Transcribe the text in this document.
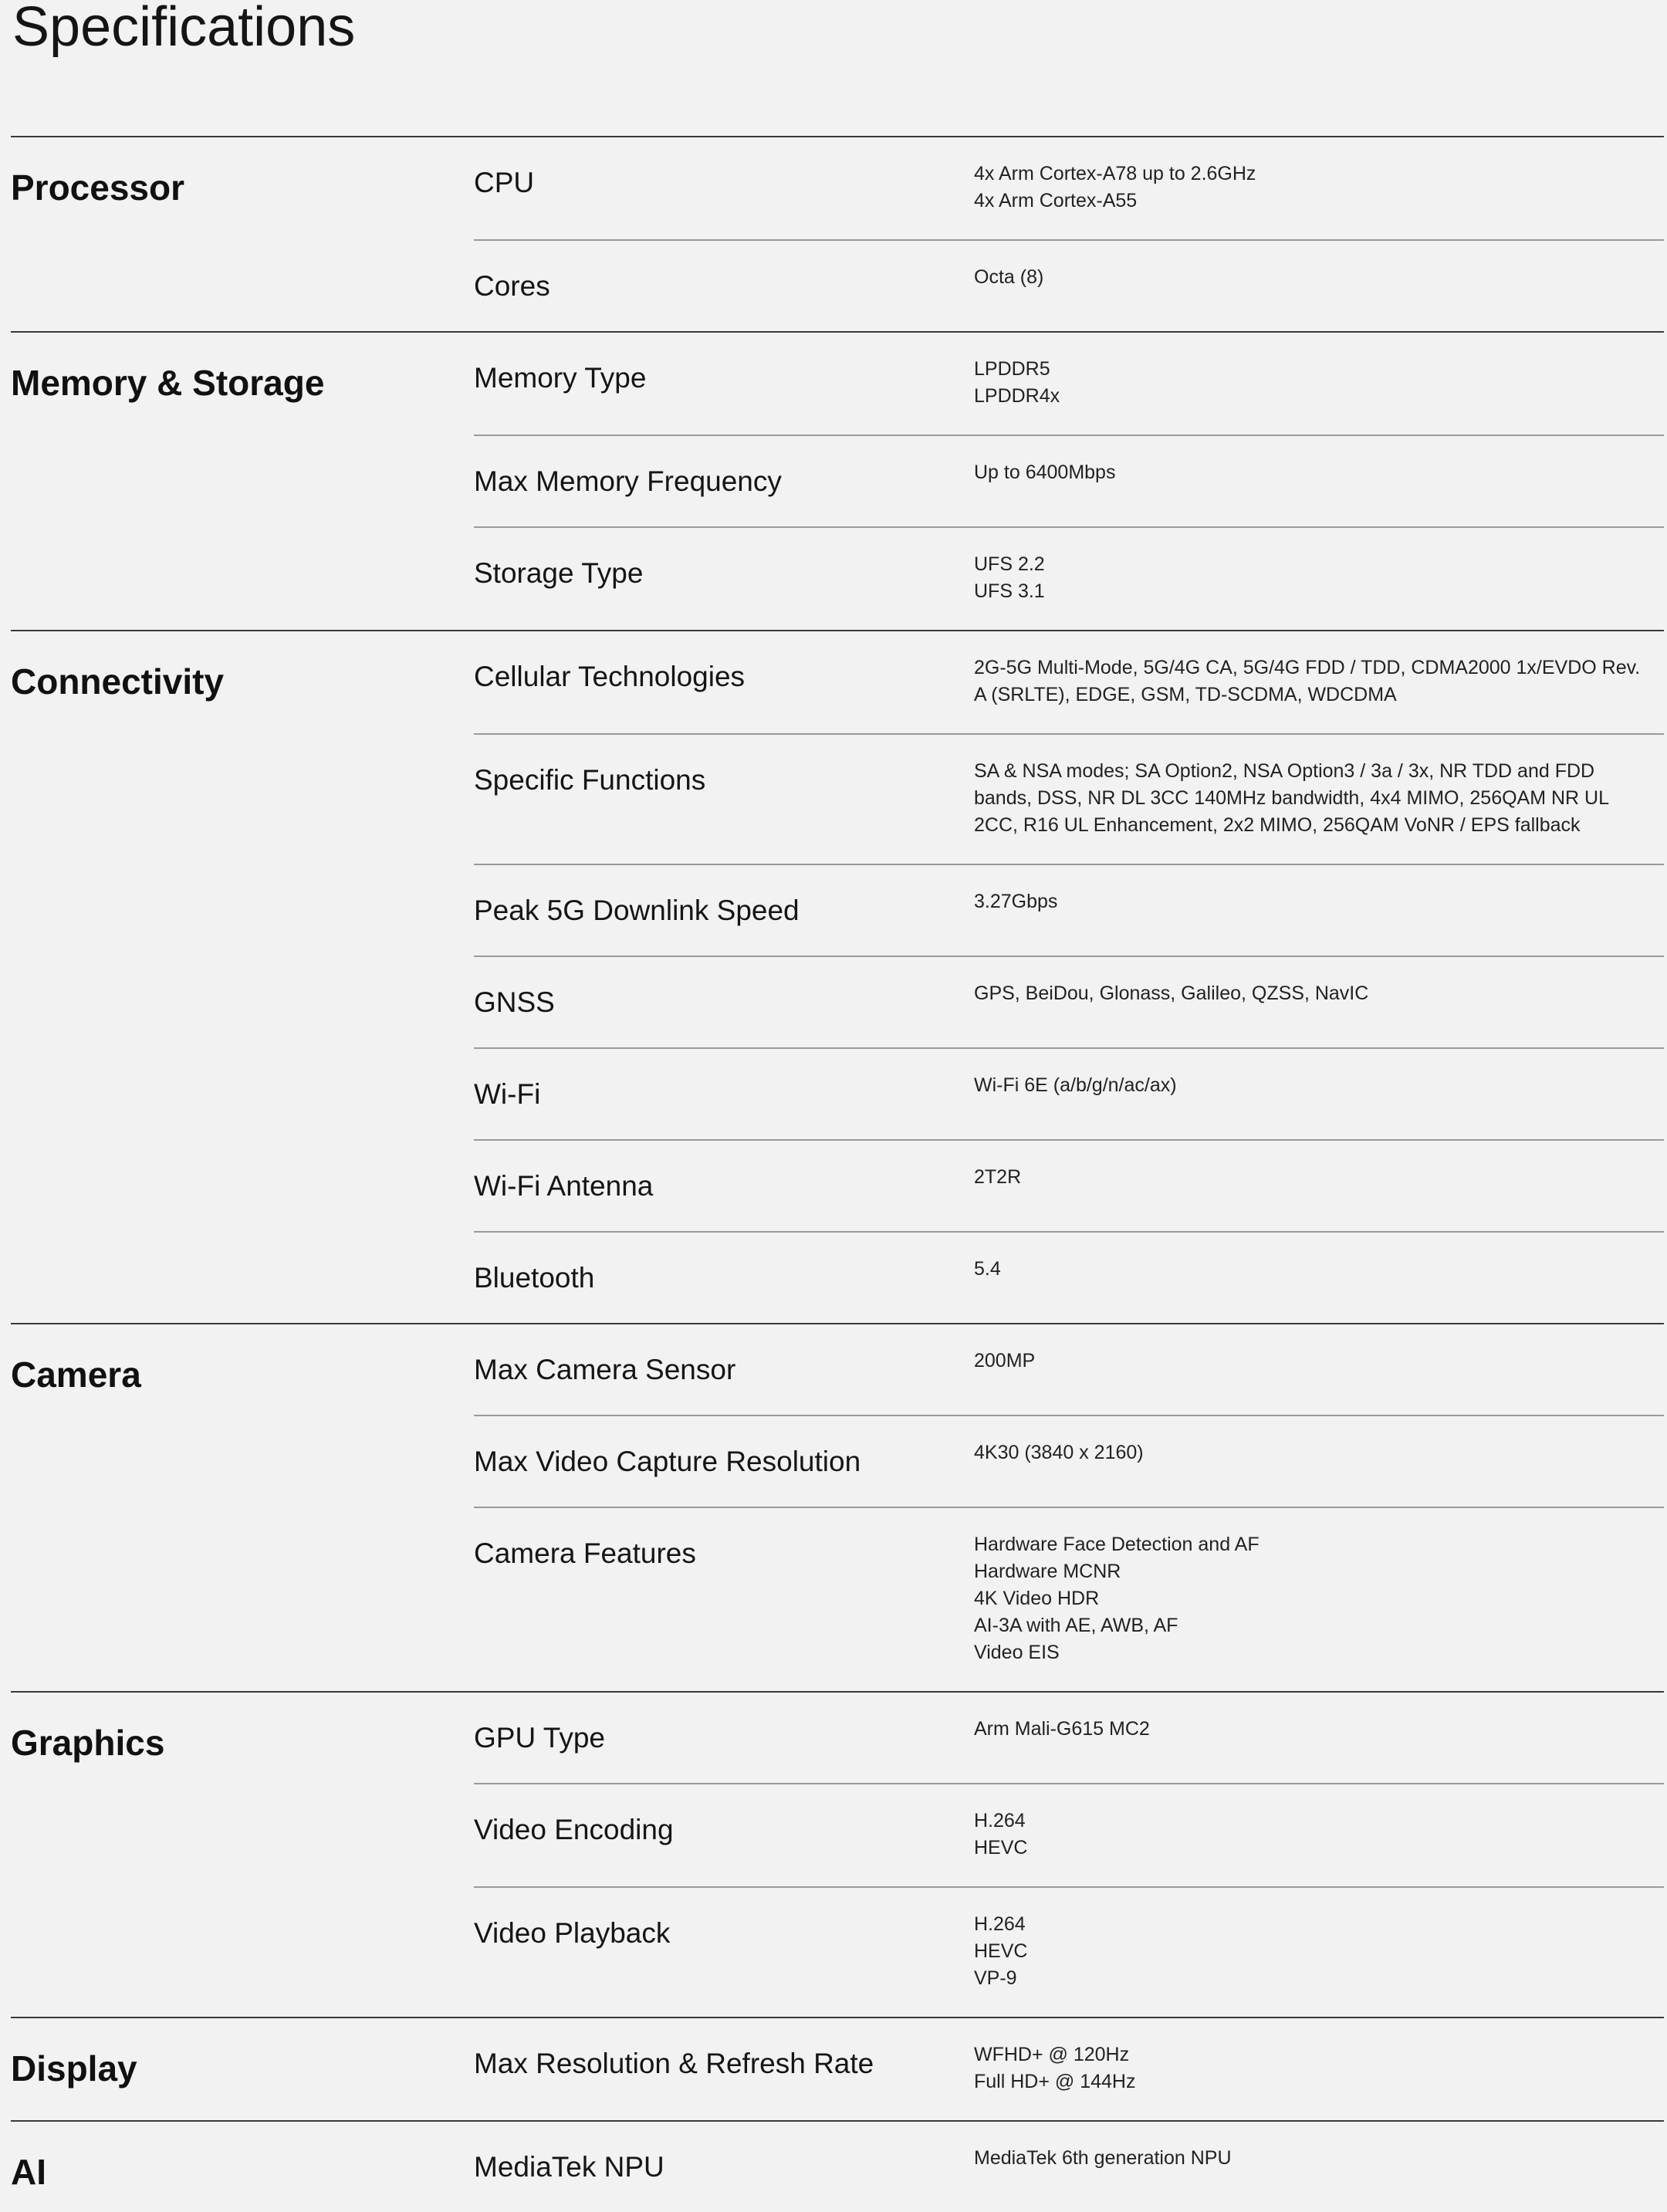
Specifications
Processor	CPU	4x Arm Cortex-A78 up to 2.6GHz
4x Arm Cortex-A55
Cores	Octa (8)
Memory & Storage	Memory Type	LPDDR5
LPDDR4x
Max Memory Frequency	Up to 6400Mbps
Storage Type	UFS 2.2
UFS 3.1
Connectivity	Cellular Technologies	2G-5G Multi-Mode, 5G/4G CA, 5G/4G FDD / TDD, CDMA2000 1x/EVDO Rev. A (SRLTE), EDGE, GSM, TD-SCDMA, WDCDMA
Specific Functions	SA & NSA modes; SA Option2, NSA Option3 / 3a / 3x, NR TDD and FDD bands, DSS, NR DL 3CC 140MHz bandwidth, 4x4 MIMO, 256QAM NR UL 2CC, R16 UL Enhancement, 2x2 MIMO, 256QAM VoNR / EPS fallback
Peak 5G Downlink Speed	3.27Gbps
GNSS	GPS, BeiDou, Glonass, Galileo, QZSS, NavIC
Wi-Fi	Wi-Fi 6E (a/b/g/n/ac/ax)
Wi-Fi Antenna	2T2R
Bluetooth	5.4
Camera	Max Camera Sensor	200MP
Max Video Capture Resolution	4K30 (3840 x 2160)
Camera Features	Hardware Face Detection and AF
Hardware MCNR
4K Video HDR
AI-3A with AE, AWB, AF
Video EIS
Graphics	GPU Type	Arm Mali-G615 MC2
Video Encoding	H.264
HEVC
Video Playback	H.264
HEVC
VP-9
Display	Max Resolution & Refresh Rate	WFHD+ @ 120Hz
Full HD+ @ 144Hz
AI	MediaTek NPU	MediaTek 6th generation NPU
